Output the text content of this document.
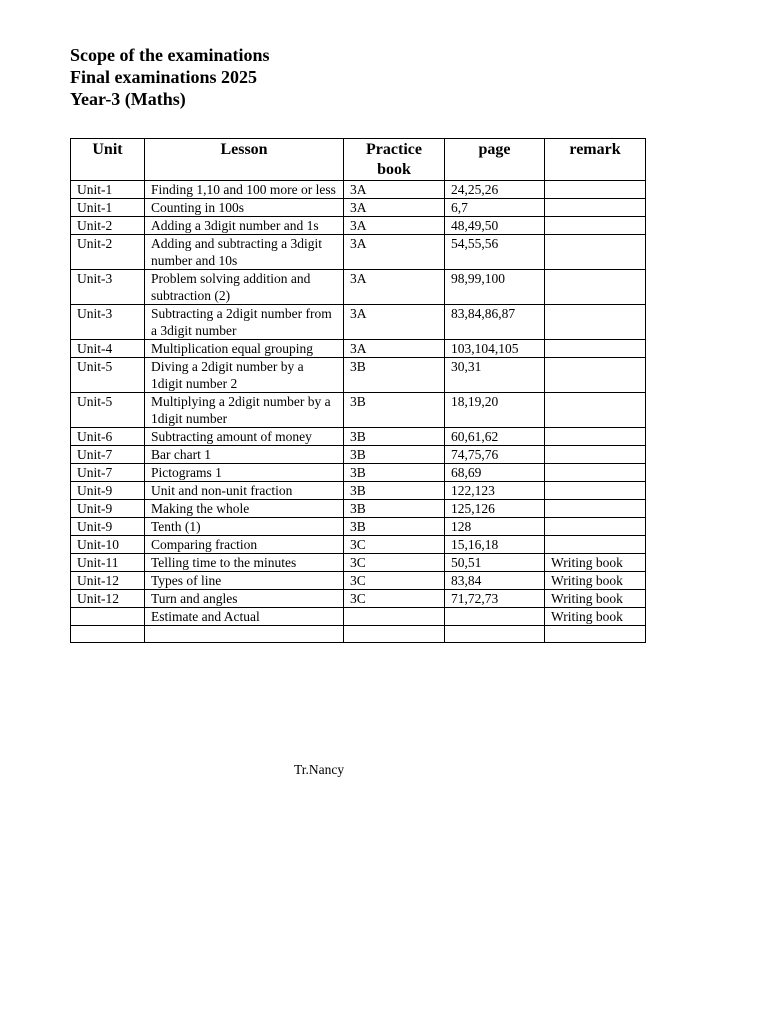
Scope of the examinations
Final examinations 2025
Year-3 (Maths)
Unit	Lesson	Practice book	page	remark
Unit-1	Finding 1,10 and 100 more or less	3A	24,25,26	
Unit-1	Counting in 100s	3A	6,7	
Unit-2	Adding a 3digit number and 1s	3A	48,49,50	
Unit-2	Adding and subtracting a 3digit number and 10s	3A	54,55,56	
Unit-3	Problem solving addition and subtraction (2)	3A	98,99,100	
Unit-3	Subtracting a 2digit number from a 3digit number	3A	83,84,86,87	
Unit-4	Multiplication equal grouping	3A	103,104,105	
Unit-5	Diving a 2digit number by a 1digit number 2	3B	30,31	
Unit-5	Multiplying a 2digit number by a 1digit number	3B	18,19,20	
Unit-6	Subtracting amount of money	3B	60,61,62	
Unit-7	Bar chart 1	3B	74,75,76	
Unit-7	Pictograms 1	3B	68,69	
Unit-9	Unit and non-unit fraction	3B	122,123	
Unit-9	Making the whole	3B	125,126	
Unit-9	Tenth (1)	3B	128	
Unit-10	Comparing fraction	3C	15,16,18	
Unit-11	Telling time to the minutes	3C	50,51	Writing book
Unit-12	Types of line	3C	83,84	Writing book
Unit-12	Turn and angles	3C	71,72,73	Writing book
	Estimate and Actual			Writing book

Tr.Nancy
